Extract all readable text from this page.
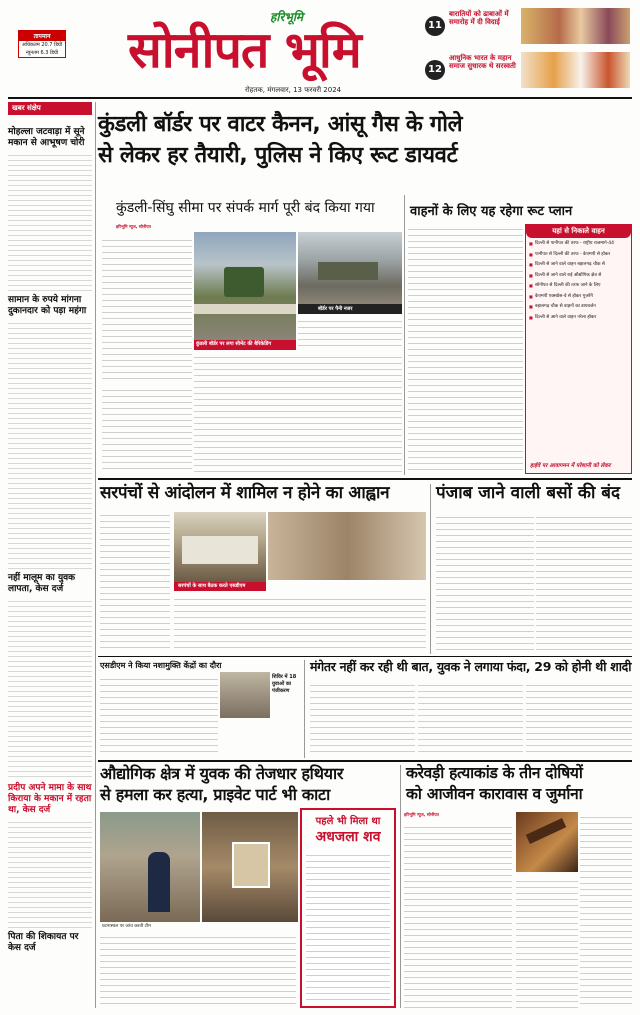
तापमान
अधिकतम 20.7 डिग्री
न्यूनतम 6.3 डिग्री
हरिभूमि
सोनीपत भूमि
रोहतक, मंगलवार, 13 फरवरी 2024
11
बारातियों को ढाबाओं में समारोह में दी विदाई
12
आधुनिक भारत के महान समाज सुधारक थे सरस्वती
खबर संक्षेप
मोहल्ला जटवाड़ा में सूने मकान से आभूषण चोरी
सामान के रुपये मांगना दुकानदार को पड़ा महंगा
नहीं मालूम का युवक लापता, केस दर्ज
प्रदीप अपने मामा के साथ किराया के मकान में रहता था, केस दर्ज
पिता की शिकायत पर केस दर्ज
कुंडली बॉर्डर पर वाटर कैनन, आंसू गैस के गोले
से लेकर हर तैयारी, पुलिस ने किए रूट डायवर्ट
कुंडली-सिंघु सीमा पर संपर्क मार्ग पूरी बंद किया गया
हरिभूमि न्यूज, सोनीपत
कुंडली बॉर्डर पर लगा सीमेंट की बैरिकेडिंग
बॉर्डर पर पैनी नजर
वाहनों के लिए यह रहेगा रूट प्लान
यहां से निकाले वाहन
■ दिल्ली से पानीपत की तरफ - राष्ट्रीय राजमार्ग-44
■ पानीपत से दिल्ली की तरफ - केएमपी से होकर
■ दिल्ली से जाने वाले वाहन बहालगढ़ चौक से
■ दिल्ली से जाने वाले राई औद्योगिक क्षेत्र से
■ सोनीपत से दिल्ली की तरफ जाने के लिए
■ केएमपी एक्सप्रेस-वे से होकर गुजरेंगे
■ बहालगढ़ चौक से वाहनों का डायवर्जन
■ दिल्ली से आने वाले वाहन नरेला होकर
हाईवे पर आवागमन में परेशानी को लेकर
सरपंचों से आंदोलन में शामिल न होने का आह्वान
सरपंचों के साथ बैठक करते एसडीएम
पंजाब जाने वाली बसों की बंद
एसडीएम ने किया नशामुक्ति केंद्रों का दौरा
शिविर में 18 युवाओं का पंजीकरण
मंगेतर नहीं कर रही थी बात, युवक ने लगाया फंदा, 29 को होनी थी शादी
औद्योगिक क्षेत्र में युवक की तेजधार हथियार
से हमला कर हत्या, प्राइवेट पार्ट भी काटा
पहले भी मिला था
अधजला शव
घटनास्थल पर जांच करती टीम
करेवड़ी हत्याकांड के तीन दोषियों
को आजीवन कारावास व जुर्माना
हरिभूमि न्यूज, सोनीपत
